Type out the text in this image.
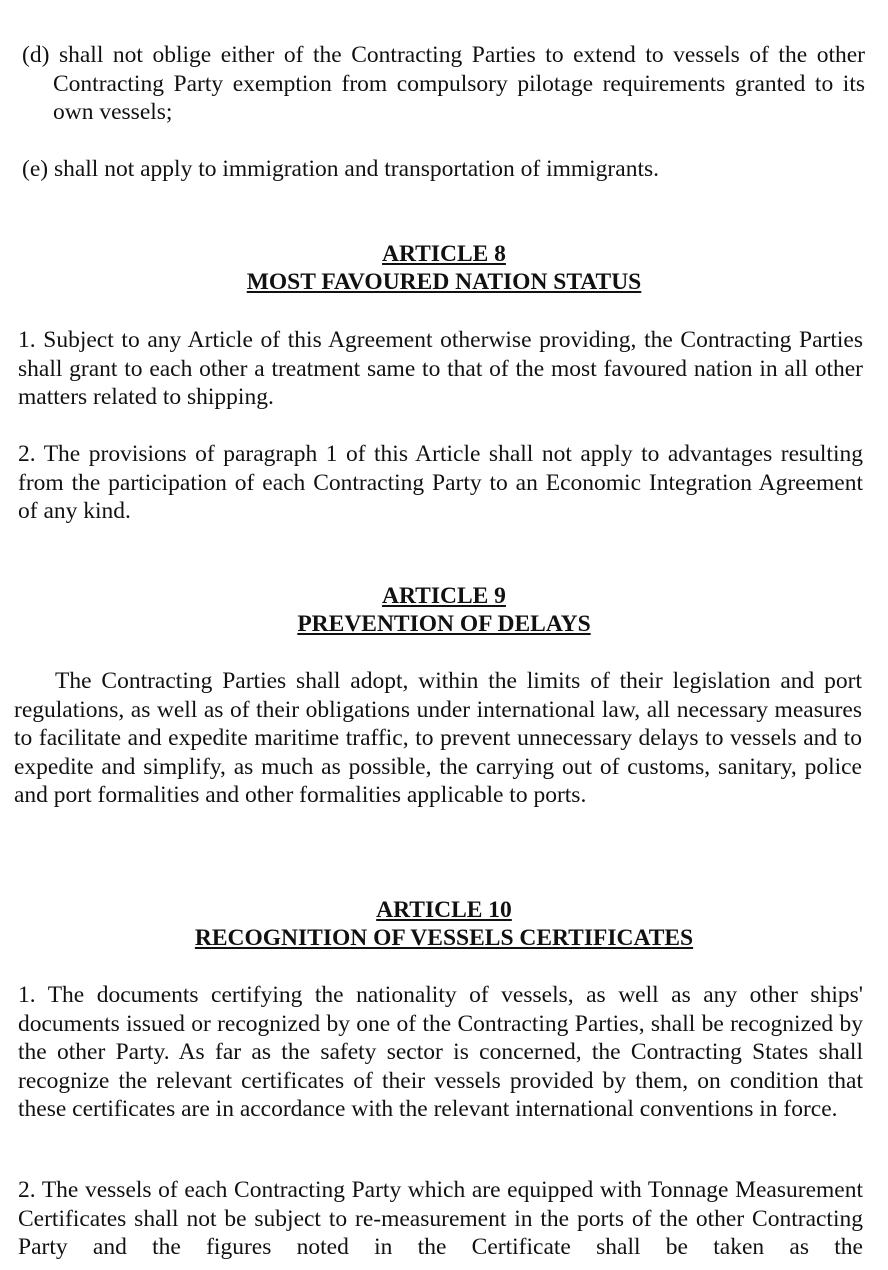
(d) shall not oblige either of the Contracting Parties to extend to vessels of the other Contracting Party exemption from compulsory pilotage requirements granted to its own vessels;
(e) shall not apply to immigration and transportation of immigrants.
ARTICLE 8
MOST FAVOURED NATION STATUS
1. Subject to any Article of this Agreement otherwise providing, the Contracting Parties shall grant to each other a treatment same to that of the most favoured nation in all other matters related to shipping.
2. The provisions of paragraph 1 of this Article shall not apply to advantages resulting from the participation of each Contracting Party to an Economic Integration Agreement of any kind.
ARTICLE 9
PREVENTION OF DELAYS
The Contracting Parties shall adopt, within the limits of their legislation and port regulations, as well as of their obligations under international law, all necessary measures to facilitate and expedite maritime traffic, to prevent unnecessary delays to vessels and to expedite and simplify, as much as possible, the carrying out of customs, sanitary, police and port formalities and other formalities applicable to ports.
ARTICLE 10
RECOGNITION OF VESSELS CERTIFICATES
1. The documents certifying the nationality of vessels, as well as any other ships' documents issued or recognized by one of the Contracting Parties, shall be recognized by the other Party. As far as the safety sector is concerned, the Contracting States shall recognize the relevant certificates of their vessels provided by them, on condition that these certificates are in accordance with the relevant international conventions in force.
2. The vessels of each Contracting Party which are equipped with Tonnage Measurement Certificates shall not be subject to re-measurement in the ports of the other Contracting Party and the figures noted in the Certificate shall be taken as the
